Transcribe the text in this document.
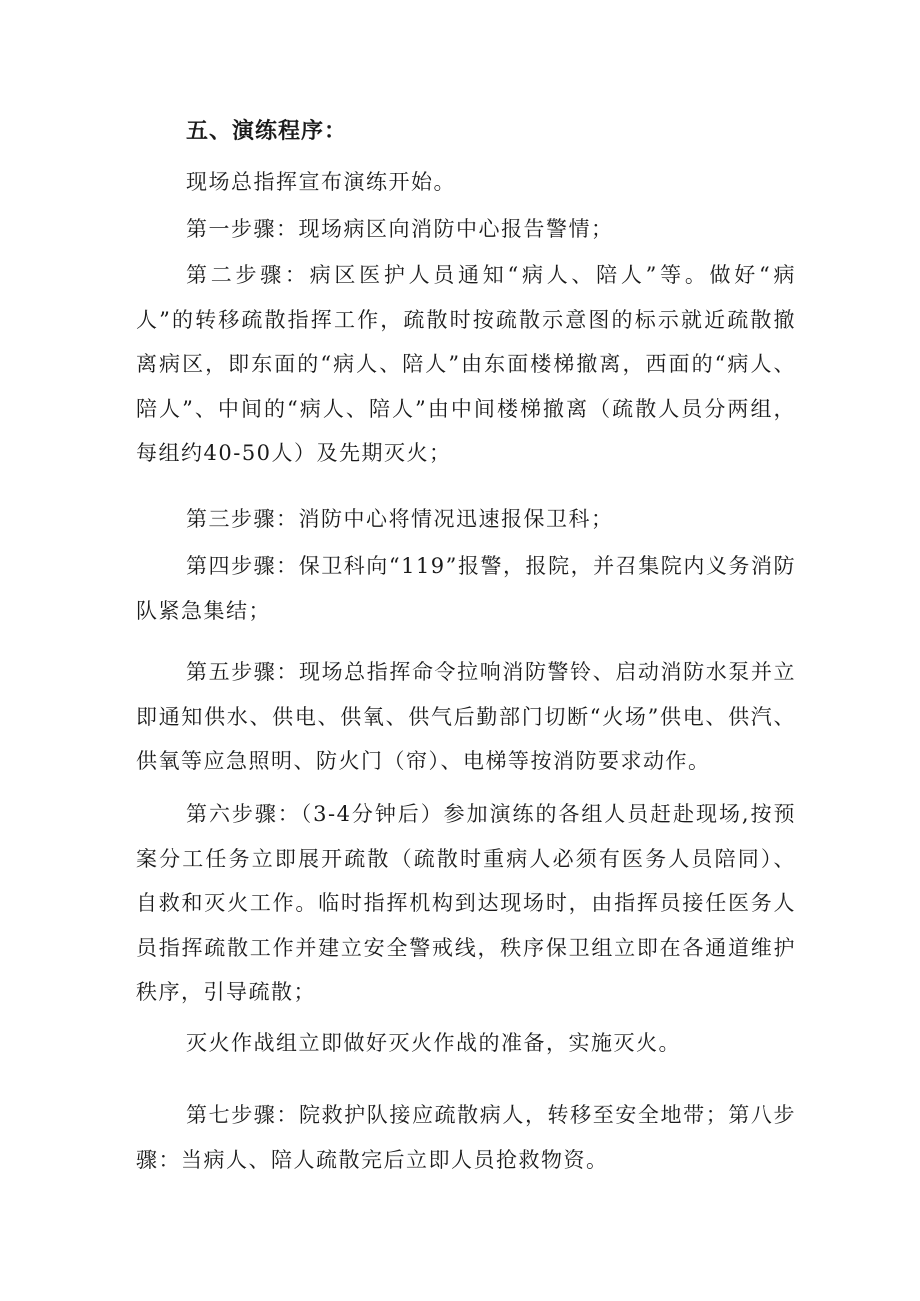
五、演练程序：

现场总指挥宣布演练开始。

第一步骤：现场病区向消防中心报告警情；

第二步骤：病区医护人员通知“病人、陪人”等。做好“病人”的转移疏散指挥工作，疏散时按疏散示意图的标示就近疏散撤离病区，即东面的“病人、陪人”由东面楼梯撤离，西面的“病人、陪人”、中间的“病人、陪人”由中间楼梯撤离（疏散人员分两组，每组约40-50人）及先期灭火；

第三步骤：消防中心将情况迅速报保卫科；

第四步骤：保卫科向“119”报警，报院，并召集院内义务消防队紧急集结；

第五步骤：现场总指挥命令拉响消防警铃、启动消防水泵并立即通知供水、供电、供氧、供气后勤部门切断“火场”供电、供汽、供氧等应急照明、防火门（帘）、电梯等按消防要求动作。

第六步骤：（3-4分钟后）参加演练的各组人员赶赴现场,按预案分工任务立即展开疏散（疏散时重病人必须有医务人员陪同）、自救和灭火工作。临时指挥机构到达现场时，由指挥员接任医务人员指挥疏散工作并建立安全警戒线，秩序保卫组立即在各通道维护秩序，引导疏散；

灭火作战组立即做好灭火作战的准备，实施灭火。

第七步骤：院救护队接应疏散病人，转移至安全地带；第八步骤：当病人、陪人疏散完后立即人员抢救物资。
